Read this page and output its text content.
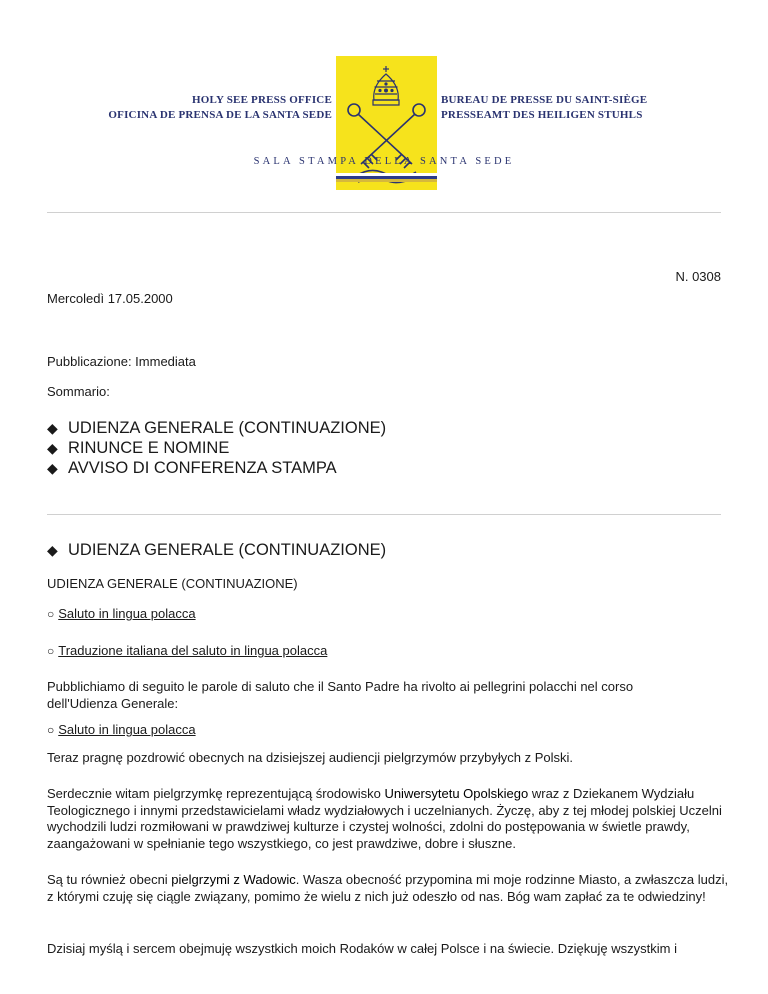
HOLY SEE PRESS OFFICE
OFICINA DE PRENSA DE LA SANTA SEDE
BUREAU DE PRESSE DU SAINT-SIÈGE
PRESSEAMT DES HEILIGEN STUHLS
SALA STAMPA DELLA SANTA SEDE
N. 0308
Mercoledì 17.05.2000
Pubblicazione: Immediata
Sommario:
◆ UDIENZA GENERALE (CONTINUAZIONE)
◆ RINUNCE E NOMINE
◆ AVVISO DI CONFERENZA STAMPA
◆ UDIENZA GENERALE (CONTINUAZIONE)
UDIENZA GENERALE (CONTINUAZIONE)
○ Saluto in lingua polacca
○ Traduzione italiana del saluto in lingua polacca
Pubblichiamo di seguito le parole di saluto che il Santo Padre ha rivolto ai pellegrini polacchi nel corso
dell'Udienza Generale:
○ Saluto in lingua polacca
Teraz pragnę pozdrowić obecnych na dzisiejszej audiencji pielgrzymów przybyłych z Polski.
Serdecznie witam pielgrzymkę reprezentującą środowisko Uniwersytetu Opolskiego wraz z Dziekanem Wydziału Teologicznego i innymi przedstawicielami władz wydziałowych i uczelnianych. Życzę, aby z tej młodej polskiej Uczelni wychodzili ludzi rozmiłowani w prawdziwej kulturze i czystej wolności, zdolni do postępowania w świetle prawdy, zaangażowani w spełnianie tego wszystkiego, co jest prawdziwe, dobre i słuszne.
Są tu również obecni pielgrzymi z Wadowic. Wasza obecność przypomina mi moje rodzinne Miasto, a zwłaszcza ludzi, z którymi czuję się ciągle związany, pomimo że wielu z nich już odeszło od nas. Bóg wam zapłać za te odwiedziny!
Dzisiaj myślą i sercem obejmuję wszystkich moich Rodaków w całej Polsce i na świecie. Dziękuję wszystkim i
